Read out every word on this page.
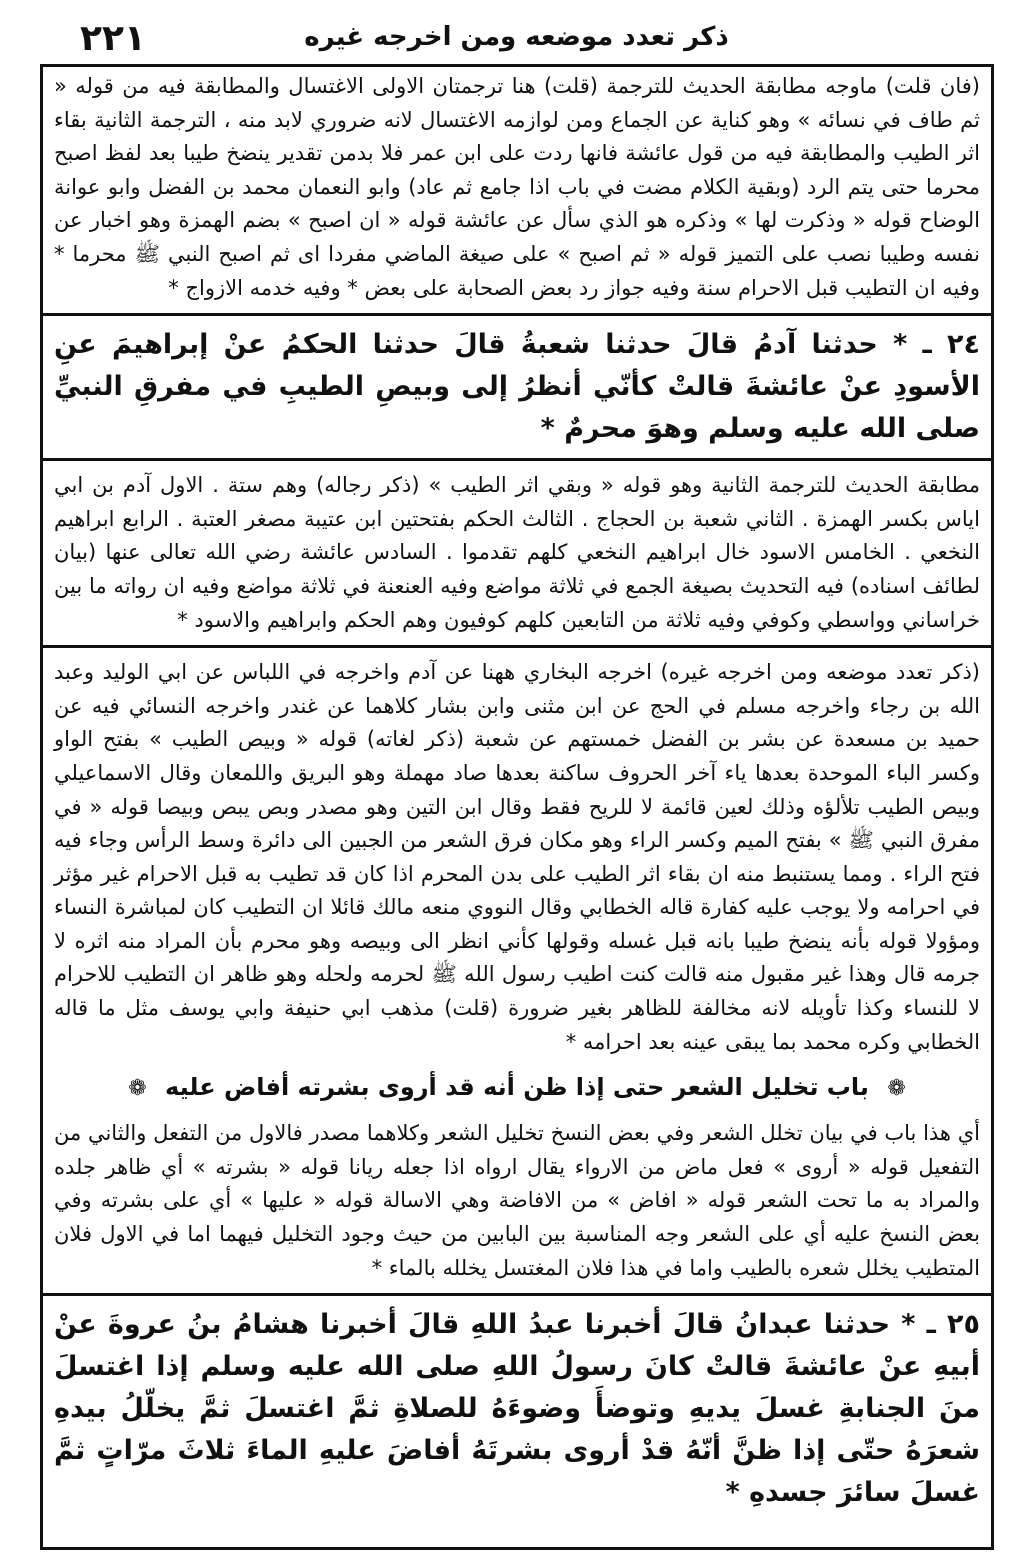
ذكر تعدد موضعه ومن اخرجه غيره
٢٢١

(فان قلت) ماوجه مطابقة الحديث للترجمة (قلت) هنا ترجمتان الاولى الاغتسال والمطابقة فيه من قوله « ثم طاف في نسائه » وهو كناية عن الجماع ومن لوازمه الاغتسال لانه ضروري لابد منه ، الترجمة الثانية بقاء اثر الطيب والمطابقة فيه من قول عائشة فانها ردت على ابن عمر فلا بدمن تقدير ينضخ طيبا بعد لفظ اصبح محرما حتى يتم الرد (وبقية الكلام مضت في باب اذا جامع ثم عاد) وابو النعمان محمد بن الفضل وابو عوانة الوضاح قوله « وذكرت لها » وذكره هو الذي سأل عن عائشة قوله « ان اصبح » بضم الهمزة وهو اخبار عن نفسه وطيبا نصب على التميز قوله « ثم اصبح » على صيغة الماضي مفردا اى ثم اصبح النبي ﷺ محرما * وفيه ان التطيب قبل الاحرام سنة وفيه جواز رد بعض الصحابة على بعض * وفيه خدمه الازواج *

٢٤ ـ * حدثنا آدمُ قالَ حدثنا شعبةُ قالَ حدثنا الحكمُ عنْ إبراهيمَ عنِ الأسودِ عنْ عائشةَ قالتْ كأنّي أنظرُ إلى وبيصِ الطيبِ في مفرقِ النبيِّ صلى الله عليه وسلم وهوَ محرمٌ *

مطابقة الحديث للترجمة الثانية وهو قوله « وبقي اثر الطيب » (ذكر رجاله) وهم ستة . الاول آدم بن ابي اياس بكسر الهمزة . الثاني شعبة بن الحجاج . الثالث الحكم بفتحتين ابن عتيبة مصغر العتبة . الرابع ابراهيم النخعي . الخامس الاسود خال ابراهيم النخعي كلهم تقدموا . السادس عائشة رضي الله تعالى عنها (بيان لطائف اسناده) فيه التحديث بصيغة الجمع في ثلاثة مواضع وفيه العنعنة في ثلاثة مواضع وفيه ان رواته ما بين خراساني وواسطي وكوفي وفيه ثلاثة من التابعين كلهم كوفيون وهم الحكم وابراهيم والاسود *

(ذكر تعدد موضعه ومن اخرجه غيره) اخرجه البخاري ههنا عن آدم واخرجه في اللباس عن ابي الوليد وعبد الله بن رجاء واخرجه مسلم في الحج عن ابن مثنى وابن بشار كلاهما عن غندر واخرجه النسائي فيه عن حميد بن مسعدة عن بشر بن الفضل خمستهم عن شعبة (ذكر لغاته) قوله « وبيص الطيب » بفتح الواو وكسر الباء الموحدة بعدها ياء آخر الحروف ساكنة بعدها صاد مهملة وهو البريق واللمعان وقال الاسماعيلي وبيص الطيب تلألؤه وذلك لعين قائمة لا للريح فقط وقال ابن التين وهو مصدر وبص يبص وبيصا قوله « في مفرق النبي ﷺ » بفتح الميم وكسر الراء وهو مكان فرق الشعر من الجبين الى دائرة وسط الرأس وجاء فيه فتح الراء . ومما يستنبط منه ان بقاء اثر الطيب على بدن المحرم اذا كان قد تطيب به قبل الاحرام غير مؤثر في احرامه ولا يوجب عليه كفارة قاله الخطابي وقال النووي منعه مالك قائلا ان التطيب كان لمباشرة النساء ومؤولا قوله بأنه ينضخ طيبا بانه قبل غسله وقولها كأني انظر الى وبيصه وهو محرم بأن المراد منه اثره لا جرمه قال وهذا غير مقبول منه قالت كنت اطيب رسول الله ﷺ لحرمه ولحله وهو ظاهر ان التطيب للاحرام لا للنساء وكذا تأويله لانه مخالفة للظاهر بغير ضرورة (قلت) مذهب ابي حنيفة وابي يوسف مثل ما قاله الخطابي وكره محمد بما يبقى عينه بعد احرامه *

❁ باب تخليل الشعر حتى إذا ظن أنه قد أروى بشرته أفاض عليه ❁

أي هذا باب في بيان تخلل الشعر وفي بعض النسخ تخليل الشعر وكلاهما مصدر فالاول من التفعل والثاني من التفعيل قوله « أروى » فعل ماض من الارواء يقال ارواه اذا جعله ريانا قوله « بشرته » أي ظاهر جلده والمراد به ما تحت الشعر قوله « افاض » من الافاضة وهي الاسالة قوله « عليها » أي على بشرته وفي بعض النسخ عليه أي على الشعر وجه المناسبة بين البابين من حيث وجود التخليل فيهما اما في الاول فلان المتطيب يخلل شعره بالطيب واما في هذا فلان المغتسل يخلله بالماء *

٢٥ ـ * حدثنا عبدانُ قالَ أخبرنا عبدُ اللهِ قالَ أخبرنا هشامُ بنُ عروةَ عنْ أبيهِ عنْ عائشةَ قالتْ كانَ رسولُ اللهِ صلى الله عليه وسلم إذا اغتسلَ منَ الجنابةِ غسلَ يديهِ وتوضأَ وضوءَهُ للصلاةِ ثمَّ اغتسلَ ثمَّ يخلّلُ بيدهِ شعرَهُ حتّى إذا ظنَّ أنّهُ قدْ أروى بشرتَهُ أفاضَ عليهِ الماءَ ثلاثَ مرّاتٍ ثمَّ غسلَ سائرَ جسدهِ *
